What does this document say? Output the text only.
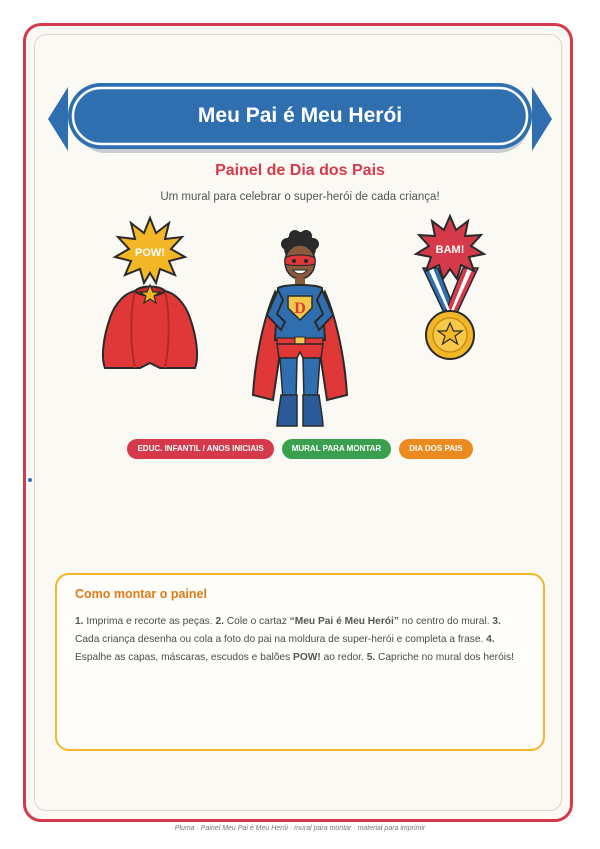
Meu Pai é Meu Herói
Painel de Dia dos Pais
Um mural para celebrar o super-herói de cada criança!
POW!
D
BAM!
EDUC. INFANTIL / ANOS INICIAIS	MURAL PARA MONTAR	DIA DOS PAIS
Como montar o painel
1. Imprima e recorte as peças. 2. Cole o cartaz “Meu Pai é Meu Herói” no centro do mural. 3. Cada criança desenha ou cola a foto do pai na moldura de super-herói e completa a frase. 4. Espalhe as capas, máscaras, escudos e balões POW! ao redor. 5. Capriche no mural dos heróis!
Pluma · Painel Meu Pai é Meu Herói · mural para montar · material para imprimir
